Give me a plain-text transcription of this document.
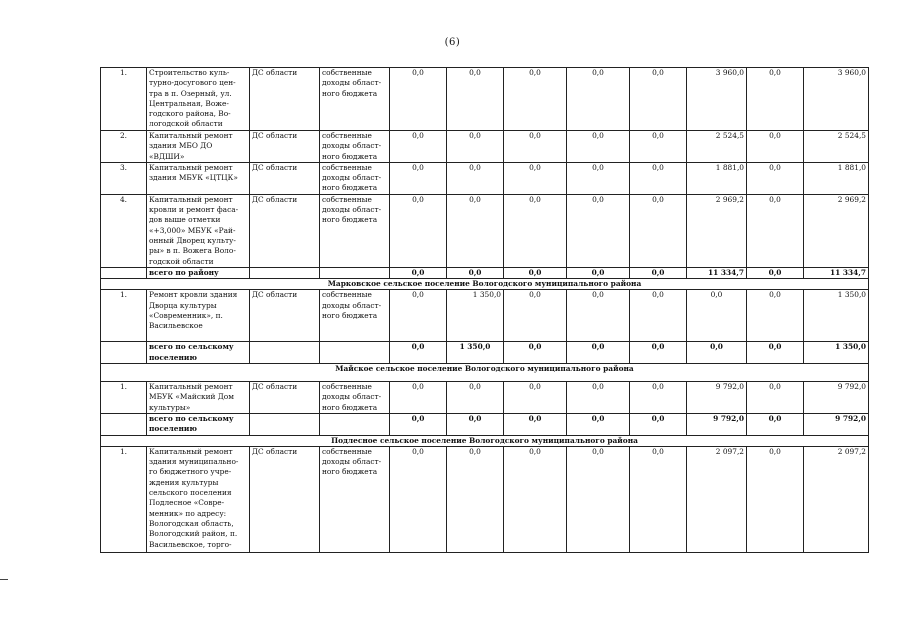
(6)
1.	Строительство куль- турно-досугового цен- тра в п. Озерный, ул. Центральная, Воже- годского района, Во- логодской области	ДС области	собственные доходы област- ного бюджета	0,0	0,0	0,0	0,0	0,0	3 960,0	0,0	3 960,0
2.	Капитальный ремонт здания МБО ДО «ВДШИ»	ДС области	собственные доходы област- ного бюджета	0,0	0,0	0,0	0,0	0,0	2 524,5	0,0	2 524,5
3.	Капитальный ремонт здания МБУК «ЦТЦК»	ДС области	собственные доходы област- ного бюджета	0,0	0,0	0,0	0,0	0,0	1 881,0	0,0	1 881,0
4.	Капитальный ремонт кровли и ремонт фаса- дов выше отметки «+3,000» МБУК «Рай- онный Дворец культу- ры» в п. Вожега Воло- годской области	ДС области	собственные доходы област- ного бюджета	0,0	0,0	0,0	0,0	0,0	2 969,2	0,0	2 969,2
	всего по району			0,0	0,0	0,0	0,0	0,0	11 334,7	0,0	11 334,7
Марковское сельское поселение Вологодского муниципального района											
1.	Ремонт кровли здания Дворца культуры «Современник», п. Васильевское	ДС области	собственные доходы област- ного бюджета	0,0	1 350,0	0,0	0,0	0,0	0,0	0,0	1 350,0
	всего по сельскому поселению			0,0	1 350,0	0,0	0,0	0,0	0,0	0,0	1 350,0
Майское сельское поселение Вологодского муниципального района											
1.	Капитальный ремонт МБУК «Майский Дом культуры»	ДС области	собственные доходы област- ного бюджета	0,0	0,0	0,0	0,0	0,0	9 792,0	0,0	9 792,0
	всего по сельскому поселению			0,0	0,0	0,0	0,0	0,0	9 792,0	0,0	9 792,0
Подлесное сельское поселение Вологодского муниципального района											
1.	Капитальный ремонт здания муниципально- го бюджетного учре- ждения культуры сельского поселения Подлесное «Совре- менник» по адресу: Вологодская область, Вологодский район, п. Васильевское, торго-	ДС области	собственные доходы област- ного бюджета	0,0	0,0	0,0	0,0	0,0	2 097,2	0,0	2 097,2
